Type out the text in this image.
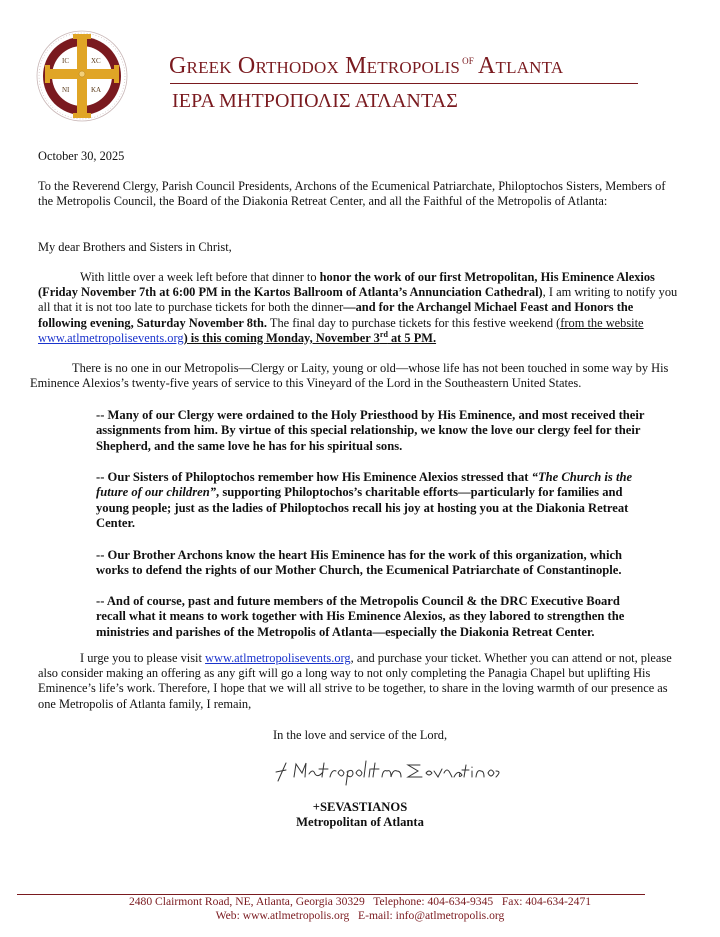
IC	XC
NI	KA
Greek Orthodox Metropolis $^{OF}$ Atlanta
ΙΕΡΑ ΜΗΤΡΟΠΟΛΙΣ ΑΤΛΑΝΤΑΣ

October 30, 2025

To the Reverend Clergy, Parish Council Presidents, Archons of the Ecumenical Patriarchate, Philoptochos Sisters, Members of the Metropolis Council, the Board of the Diakonia Retreat Center, and all the Faithful of the Metropolis of Atlanta:

My dear Brothers and Sisters in Christ,

With little over a week left before that dinner to honor the work of our first Metropolitan, His Eminence Alexios (Friday November 7th at 6:00 PM in the Kartos Ballroom of Atlanta’s Annunciation Cathedral), I am writing to notify you all that it is not too late to purchase tickets for both the dinner—and for the Archangel Michael Feast and Honors the following evening, Saturday November 8th. The final day to purchase tickets for this festive weekend (from the website www.atlmetropolisevents.org) is this coming Monday, November 3rd at 5 PM.

There is no one in our Metropolis—Clergy or Laity, young or old—whose life has not been touched in some way by His Eminence Alexios’s twenty-five years of service to this Vineyard of the Lord in the Southeastern United States.

-- Many of our Clergy were ordained to the Holy Priesthood by His Eminence, and most received their assignments from him. By virtue of this special relationship, we know the love our clergy feel for their Shepherd, and the same love he has for his spiritual sons.

-- Our Sisters of Philoptochos remember how His Eminence Alexios stressed that “The Church is the future of our children”, supporting Philoptochos’s charitable efforts—particularly for families and young people; just as the ladies of Philoptochos recall his joy at hosting you at the Diakonia Retreat Center.

-- Our Brother Archons know the heart His Eminence has for the work of this organization, which works to defend the rights of our Mother Church, the Ecumenical Patriarchate of Constantinople.

-- And of course, past and future members of the Metropolis Council & the DRC Executive Board recall what it means to work together with His Eminence Alexios, as they labored to strengthen the ministries and parishes of the Metropolis of Atlanta—especially the Diakonia Retreat Center.

I urge you to please visit www.atlmetropolisevents.org, and purchase your ticket. Whether you can attend or not, please also consider making an offering as any gift will go a long way to not only completing the Panagia Chapel but uplifting His Eminence’s life’s work. Therefore, I hope that we will all strive to be together, to share in the loving warmth of our presence as one Metropolis of Atlanta family, I remain,

In the love and service of the Lord,

+SEVASTIANOS
Metropolitan of Atlanta
2480 Clairmont Road, NE, Atlanta, Georgia 30329   Telephone: 404-634-9345   Fax: 404-634-2471
Web: www.atlmetropolis.org   E-mail: info@atlmetropolis.org
